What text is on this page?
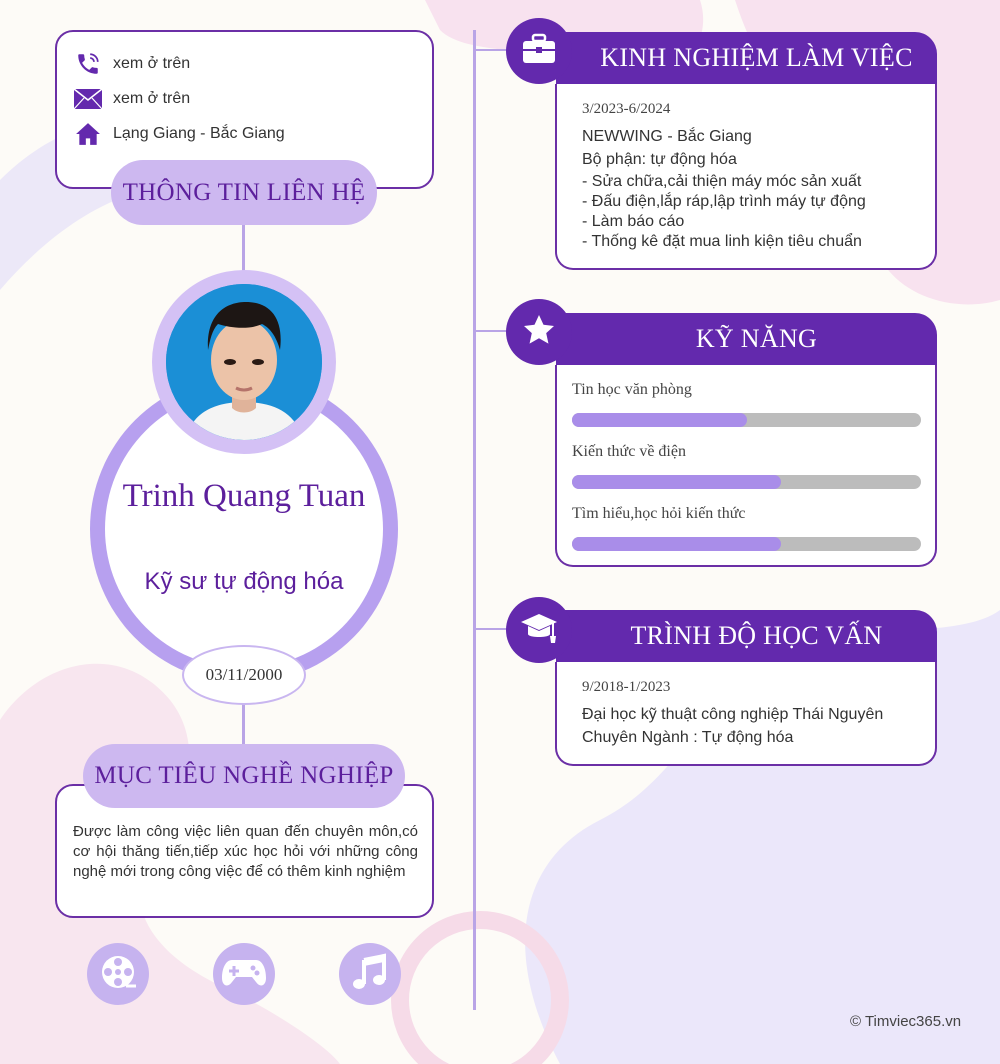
xem ở trên
xem ở trên
Lạng Giang - Bắc Giang
THÔNG TIN LIÊN HỆ
Trinh Quang Tuan
Kỹ sư tự động hóa
03/11/2000
Được làm công việc liên quan đến chuyên môn,có cơ hội thăng tiến,tiếp xúc học hỏi với những công nghệ mới trong công việc để có thêm kinh nghiệm
MỤC TIÊU NGHỀ NGHIỆP
KINH NGHIỆM LÀM VIỆC
3/2023-6/2024
NEWWING - Bắc Giang
Bộ phận: tự động hóa
- Sửa chữa,cải thiện máy móc sản xuất
- Đấu điện,lắp ráp,lập trình máy tự động
- Làm báo cáo
- Thống kê đặt mua linh kiện tiêu chuẩn
KỸ NĂNG
Tin học văn phòng
Kiến thức về điện
Tìm hiểu,học hỏi kiến thức
TRÌNH ĐỘ HỌC VẤN
9/2018-1/2023
Đại học kỹ thuật công nghiệp Thái Nguyên
Chuyên Ngành : Tự động hóa
© Timviec365.vn
